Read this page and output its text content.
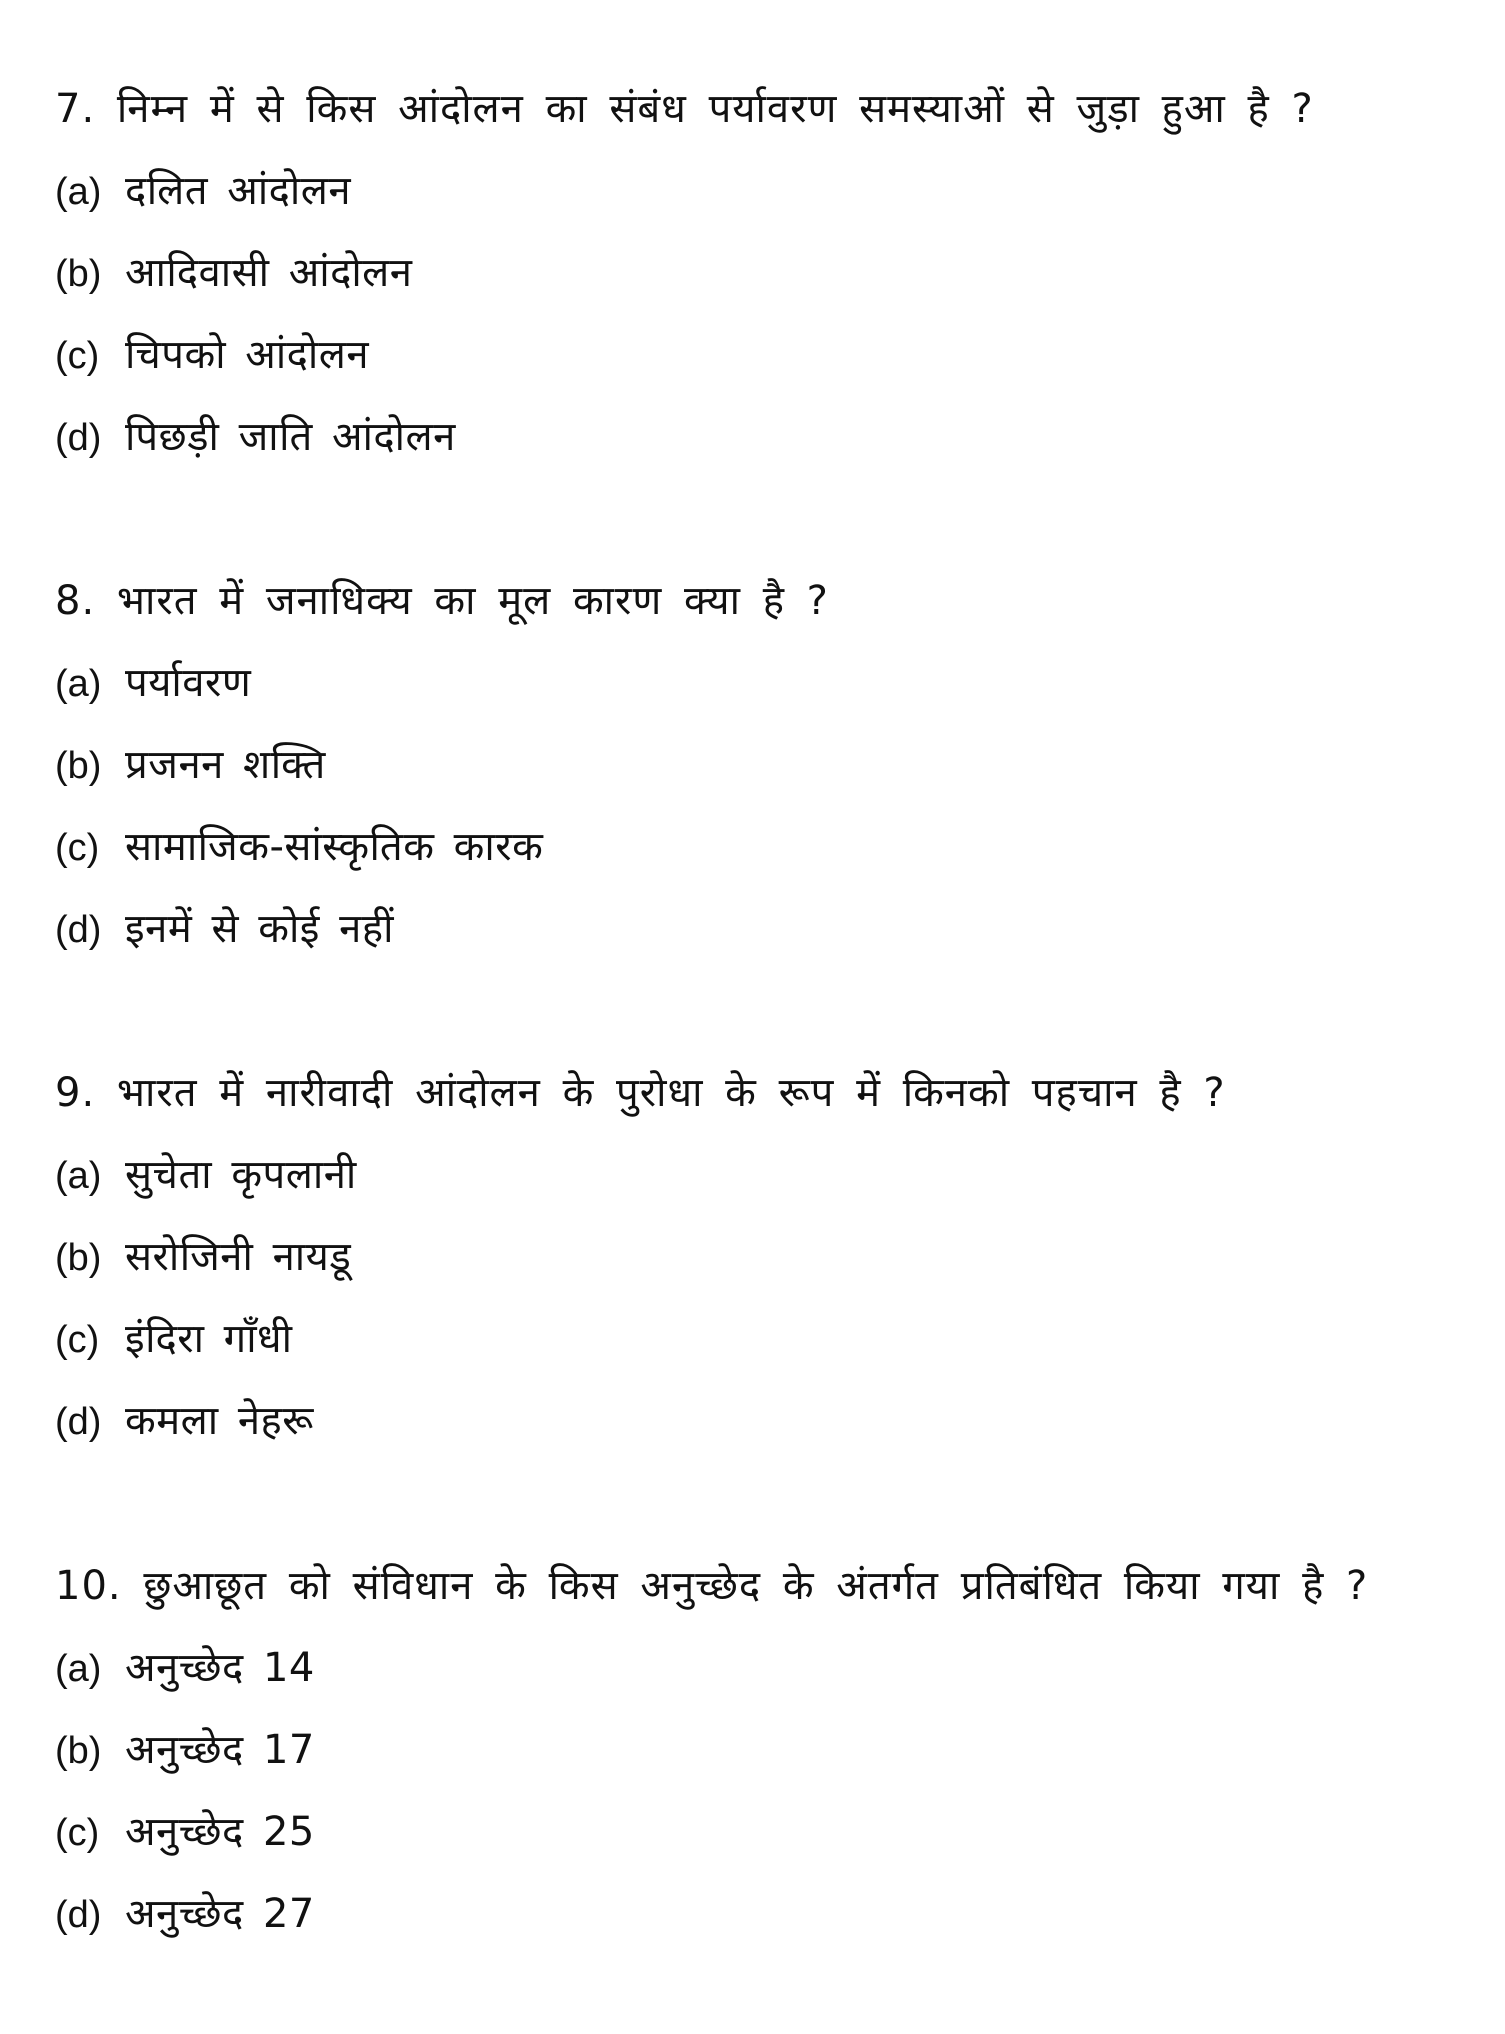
7. निम्न में से किस आंदोलन का संबंध पर्यावरण समस्याओं से जुड़ा हुआ है ?
(a) दलित आंदोलन
(b) आदिवासी आंदोलन
(c) चिपको आंदोलन
(d) पिछड़ी जाति आंदोलन
8. भारत में जनाधिक्य का मूल कारण क्या है ?
(a) पर्यावरण
(b) प्रजनन शक्ति
(c) सामाजिक-सांस्कृतिक कारक
(d) इनमें से कोई नहीं
9. भारत में नारीवादी आंदोलन के पुरोधा के रूप में किनको पहचान है ?
(a) सुचेता कृपलानी
(b) सरोजिनी नायडू
(c) इंदिरा गाँधी
(d) कमला नेहरू
10. छुआछूत को संविधान के किस अनुच्छेद के अंतर्गत प्रतिबंधित किया गया है ?
(a) अनुच्छेद 14
(b) अनुच्छेद 17
(c) अनुच्छेद 25
(d) अनुच्छेद 27
